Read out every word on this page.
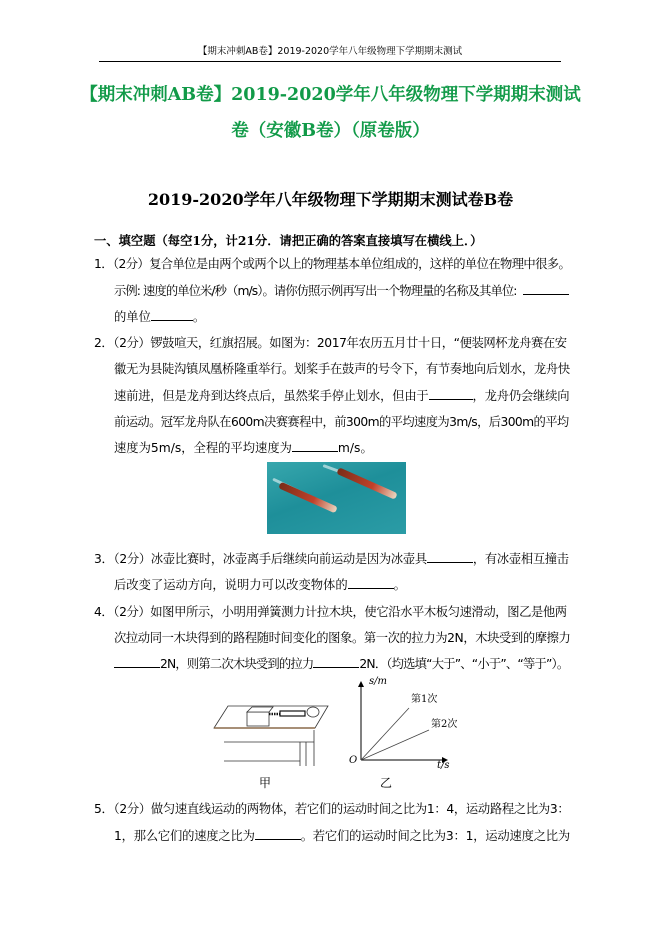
【期末冲刺AB卷】2019-2020学年八年级物理下学期期末测试
【期末冲刺AB卷】2019-2020学年八年级物理下学期期末测试
卷（安徽B卷）（原卷版）
2019-2020学年八年级物理下学期期末测试卷B卷
一、填空题（每空1分，计21分．请把正确的答案直接填写在横线上．）
1．（2分）复合单位是由两个或两个以上的物理基本单位组成的，这样的单位在物理中很多。
示例: 速度的单位米/秒（m/s）。请你仿照示例再写出一个物理量的名称及其单位:
的单位	。
2．（2分）锣鼓喧天，红旗招展。如图为：2017年农历五月廿十日，“便装网杯龙舟赛在安
徽无为县陡沟镇凤凰桥隆重举行。划桨手在鼓声的号令下，有节奏地向后划水，龙舟快
速前进，但是龙舟到达终点后，虽然桨手停止划水，但由于	，龙舟仍会继续向
前运动。冠军龙舟队在600m决赛赛程中，前300m的平均速度为3m/s，后300m的平均
速度为5m/s，全程的平均速度为	m/s。
3．（2分）冰壶比赛时，冰壶离手后继续向前运动是因为冰壶具	，有冰壶相互撞击
后改变了运动方向，说明力可以改变物体的	。
4．（2分）如图甲所示，小明用弹簧测力计拉木块，使它沿水平木板匀速滑动，图乙是他两
次拉动同一木块得到的路程随时间变化的图象。第一次的拉力为2N，木块受到的摩擦力
2N，则第二次木块受到的拉力	2N．（均选填“大于”、“小于”、“等于”）。
s/m
第1次
第2次
O	t/s
甲	乙
5．（2分）做匀速直线运动的两物体，若它们的运动时间之比为1：4，运动路程之比为3：
1，那么它们的速度之比为	。若它们的运动时间之比为3：1，运动速度之比为
